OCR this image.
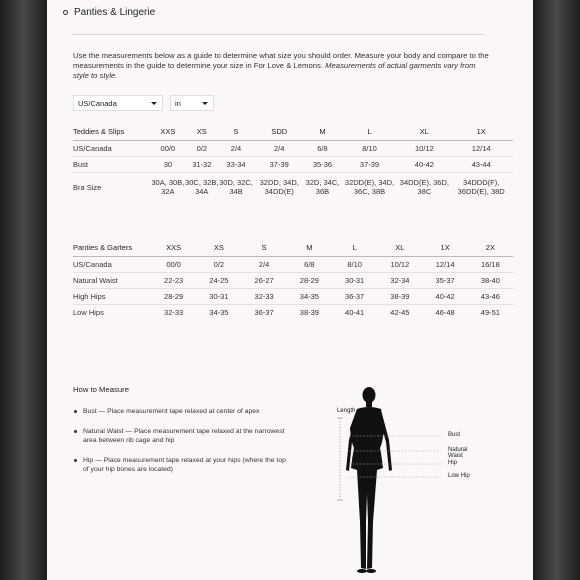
Panties & Lingerie

Use the measurements below as a guide to determine what size you should order. Measure your body and compare to the measurements in the guide to determine your size in For Love & Lemons. Measurements of actual garments vary from style to style.

US/Canada	in
Teddies & Slips	XXS	XS	S	SDD	M	L	XL	1X
US/Canada	00/0	0/2	2/4	2/4	6/8	8/10	10/12	12/14
Bust	30	31-32	33-34	37-39	35-36	37-39	40-42	43-44
Bra Size	30A, 30B, 32A	30C, 32B, 34A	30D, 32C, 34B	32DD, 34D, 34DD(E)	32D, 34C, 36B	32DD(E), 34D, 36C, 38B	34DD(E), 36D, 38C	34DDD(F), 36DD(E), 38D
Panties & Garters	XXS	XS	S	M	L	XL	1X	2X
US/Canada	00/0	0/2	2/4	6/8	8/10	10/12	12/14	16/18
Natural Waist	22-23	24-25	26-27	28-29	30-31	32-34	35-37	38-40
High Hips	28-29	30-31	32-33	34-35	36-37	38-39	40-42	43-46
Low Hips	32-33	34-35	36-37	38-39	40-41	42-45	46-48	49-51
How to Measure
Bust — Place measurement tape relaxed at center of apex
Natural Waist — Place measurement tape relaxed at the narrowest area between rib cage and hip
Hip — Place measurement tape relaxed at your hips (where the top of your hip bones are located)
Length
Bust
Natural Waist
Hip
Low Hip
